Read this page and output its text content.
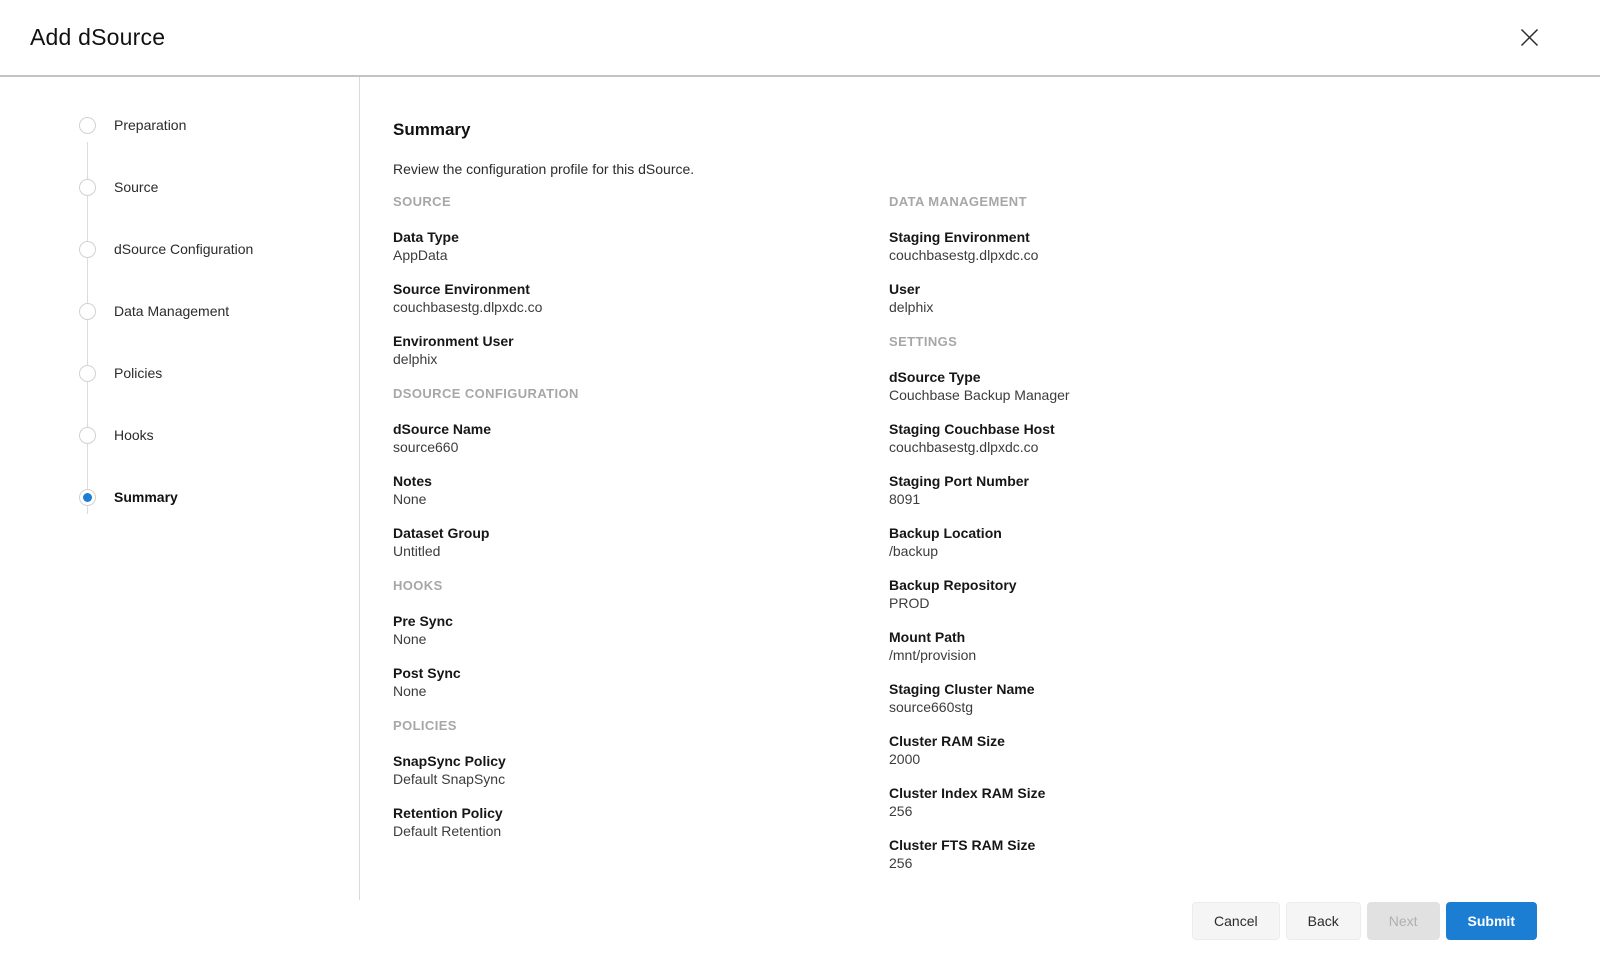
Add dSource
Preparation
Source
dSource Configuration
Data Management
Policies
Hooks
Summary
Summary

Review the configuration profile for this dSource.

SOURCE
Data Type
AppData
Source Environment
couchbasestg.dlpxdc.co
Environment User
delphix
DSOURCE CONFIGURATION
dSource Name
source660
Notes
None
Dataset Group
Untitled
HOOKS
Pre Sync
None
Post Sync
None
POLICIES
SnapSync Policy
Default SnapSync
Retention Policy
Default Retention
DATA MANAGEMENT
Staging Environment
couchbasestg.dlpxdc.co
User
delphix
SETTINGS
dSource Type
Couchbase Backup Manager
Staging Couchbase Host
couchbasestg.dlpxdc.co
Staging Port Number
8091
Backup Location
/backup
Backup Repository
PROD
Mount Path
/mnt/provision
Staging Cluster Name
source660stg
Cluster RAM Size
2000
Cluster Index RAM Size
256
Cluster FTS RAM Size
256
Cancel	Back	Next	Submit
